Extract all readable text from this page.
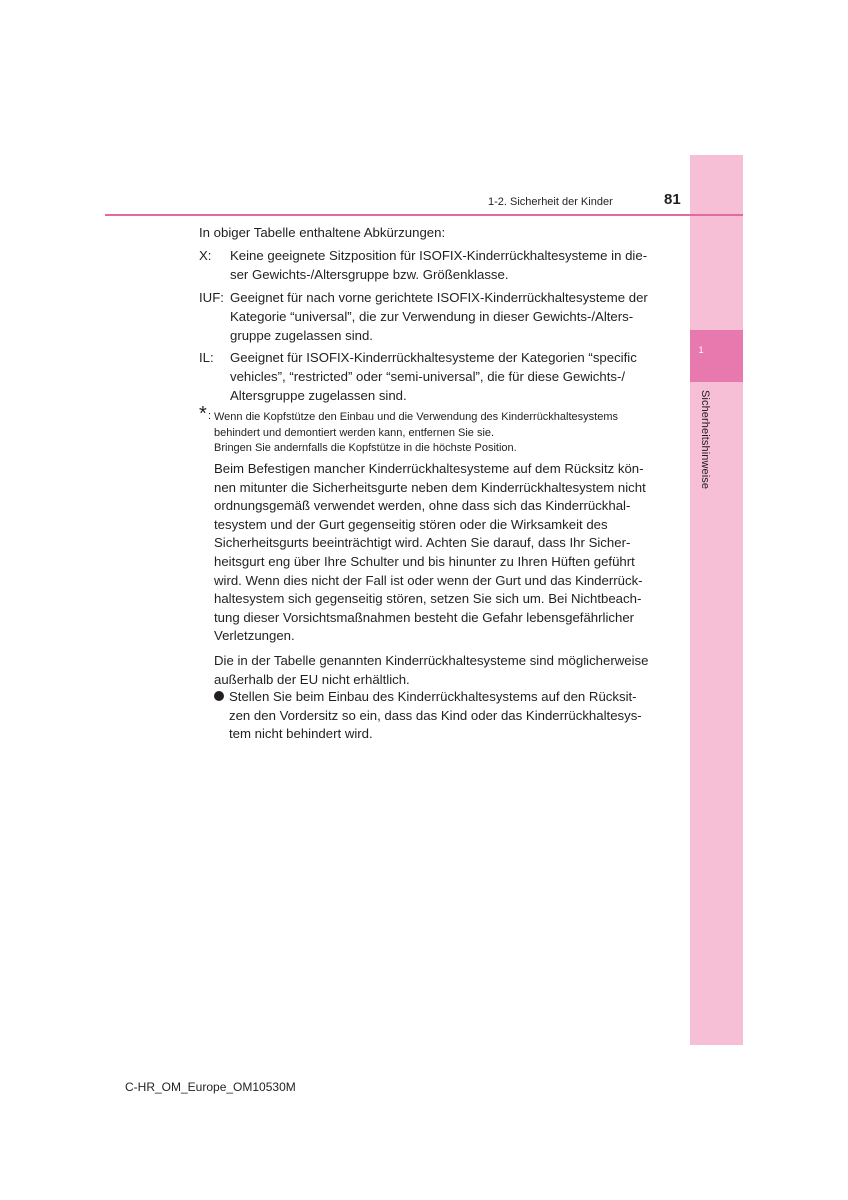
1
Sicherheitshinweise
1-2. Sicherheit der Kinder	81
In obiger Tabelle enthaltene Abkürzungen:
X: Keine geeignete Sitzposition für ISOFIX-Kinderrückhaltesysteme in die-
ser Gewichts-/Altersgruppe bzw. Größenklasse.
IUF: Geeignet für nach vorne gerichtete ISOFIX-Kinderrückhaltesysteme der
Kategorie “universal”, die zur Verwendung in dieser Gewichts-/Alters-
gruppe zugelassen sind.
IL: Geeignet für ISOFIX-Kinderrückhaltesysteme der Kategorien “specific
vehicles”, “restricted” oder “semi-universal”, die für diese Gewichts-/
Altersgruppe zugelassen sind.
* : Wenn die Kopfstütze den Einbau und die Verwendung des Kinderrückhaltesystems
behindert und demontiert werden kann, entfernen Sie sie.
Bringen Sie andernfalls die Kopfstütze in die höchste Position.
Beim Befestigen mancher Kinderrückhaltesysteme auf dem Rücksitz kön-
nen mitunter die Sicherheitsgurte neben dem Kinderrückhaltesystem nicht
ordnungsgemäß verwendet werden, ohne dass sich das Kinderrückhal-
tesystem und der Gurt gegenseitig stören oder die Wirksamkeit des
Sicherheitsgurts beeinträchtigt wird. Achten Sie darauf, dass Ihr Sicher-
heitsgurt eng über Ihre Schulter und bis hinunter zu Ihren Hüften geführt
wird. Wenn dies nicht der Fall ist oder wenn der Gurt und das Kinderrück-
haltesystem sich gegenseitig stören, setzen Sie sich um. Bei Nichtbeach-
tung dieser Vorsichtsmaßnahmen besteht die Gefahr lebensgefährlicher
Verletzungen.
Die in der Tabelle genannten Kinderrückhaltesysteme sind möglicherweise
außerhalb der EU nicht erhältlich.
Stellen Sie beim Einbau des Kinderrückhaltesystems auf den Rücksit-
zen den Vordersitz so ein, dass das Kind oder das Kinderrückhaltesys-
tem nicht behindert wird.
C-HR_OM_Europe_OM10530M
